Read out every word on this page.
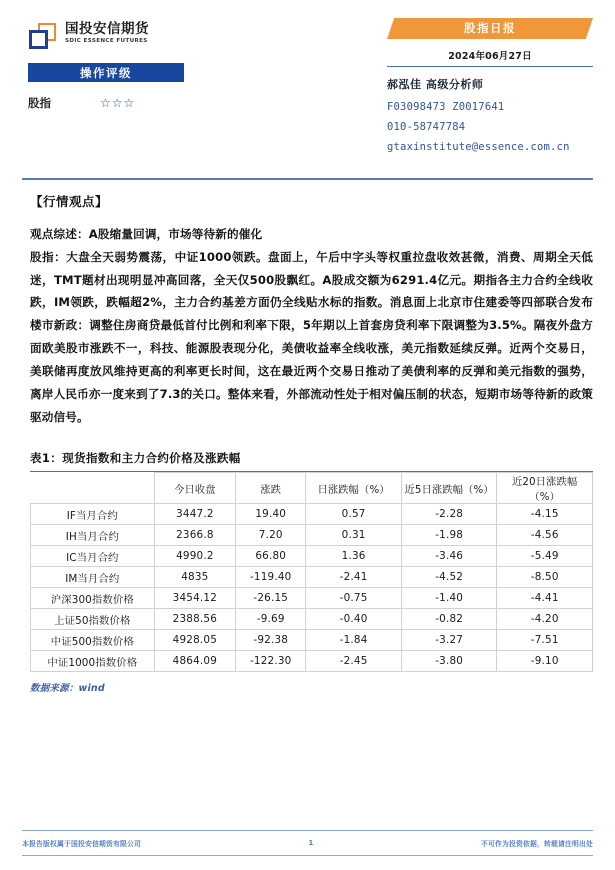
国投安信期货
SDIC ESSENCE FUTURES
操作评级
股指	☆☆☆
股指日报
2024年06月27日
郝泓佳 高级分析师
F03098473 Z0017641
010-58747784
gtaxinstitute@essence.com.cn
【行情观点】
观点综述：A股缩量回调，市场等待新的催化
股指：大盘全天弱势震荡，中证1000领跌。盘面上，午后中字头等权重拉盘收效甚微，消费、周期全天低迷，TMT题材出现明显冲高回落，全天仅500股飘红。A股成交额为6291.4亿元。期指各主力合约全线收跌，IM领跌，跌幅超2%，主力合约基差方面仍全线贴水标的指数。消息面上北京市住建委等四部联合发布楼市新政：调整住房商贷最低首付比例和利率下限，5年期以上首套房贷利率下限调整为3.5%。隔夜外盘方面欧美股市涨跌不一，科技、能源股表现分化，美债收益率全线收涨，美元指数延续反弹。近两个交易日，美联储再度放风维持更高的利率更长时间，这在最近两个交易日推动了美债利率的反弹和美元指数的强势，离岸人民币亦一度来到了7.3的关口。整体来看，外部流动性处于相对偏压制的状态，短期市场等待新的政策驱动信号。
表1：现货指数和主力合约价格及涨跌幅
	今日收盘	涨跌	日涨跌幅（%）	近5日涨跌幅（%）	近20日涨跌幅（%）
IF当月合约	3447.2	19.40	0.57	-2.28	-4.15
IH当月合约	2366.8	7.20	0.31	-1.98	-4.56
IC当月合约	4990.2	66.80	1.36	-3.46	-5.49
IM当月合约	4835	-119.40	-2.41	-4.52	-8.50
沪深300指数价格	3454.12	-26.15	-0.75	-1.40	-4.41
上证50指数价格	2388.56	-9.69	-0.40	-0.82	-4.20
中证500指数价格	4928.05	-92.38	-1.84	-3.27	-7.51
中证1000指数价格	4864.09	-122.30	-2.45	-3.80	-9.10
数据来源：wind
本报告版权属于国投安信期货有限公司	1	不可作为投资依据，转载请注明出处
